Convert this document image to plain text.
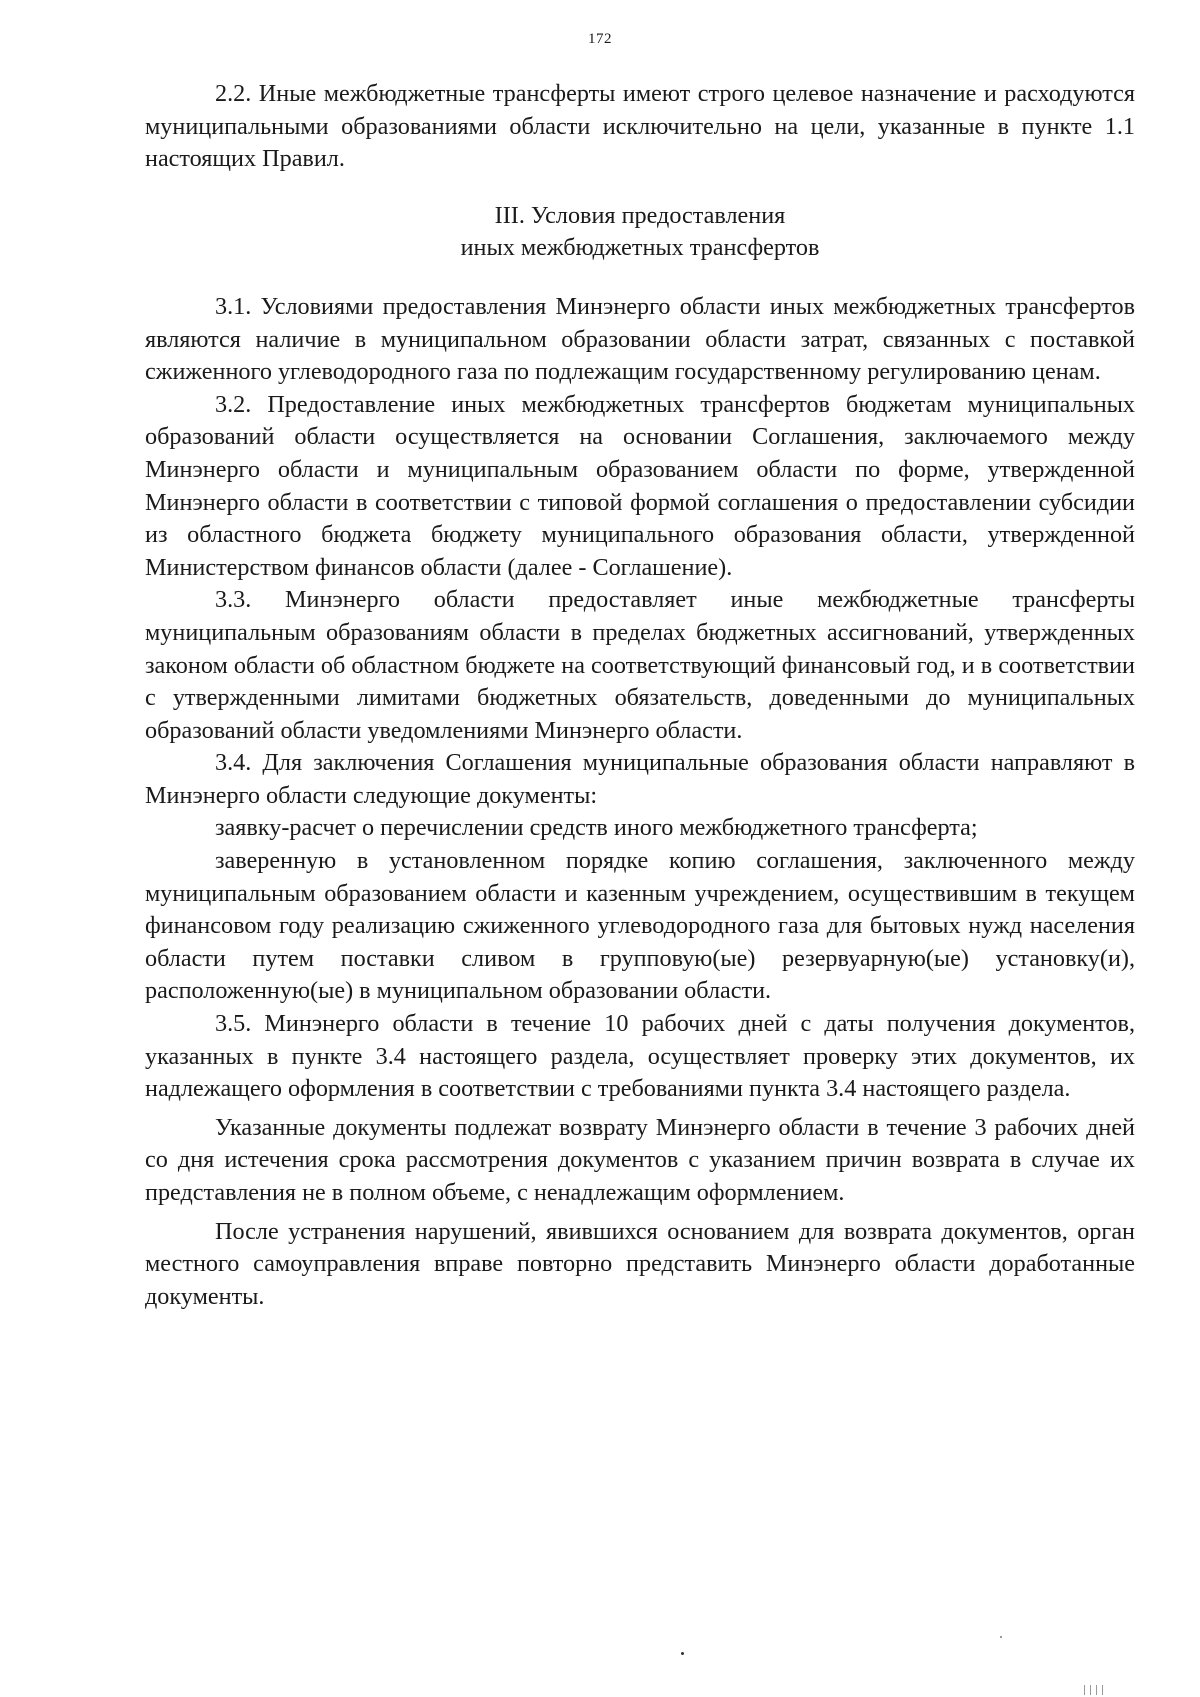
172

2.2. Иные межбюджетные трансферты имеют строго целевое назначение и расходуются муниципальными образованиями области исключительно на цели, указанные в пункте 1.1 настоящих Правил.

III. Условия предоставления
иных межбюджетных трансфертов

3.1. Условиями предоставления Минэнерго области иных межбюджетных трансфертов являются наличие в муниципальном образовании области затрат, связанных с поставкой сжиженного углеводородного газа по подлежащим государственному регулированию ценам.

3.2. Предоставление иных межбюджетных трансфертов бюджетам муниципальных образований области осуществляется на основании Соглашения, заключаемого между Минэнерго области и муниципальным образованием области по форме, утвержденной Минэнерго области в соответствии с типовой формой соглашения о предоставлении субсидии из областного бюджета бюджету муниципального образования области, утвержденной Министерством финансов области (далее - Соглашение).

3.3. Минэнерго области предоставляет иные межбюджетные трансферты муниципальным образованиям области в пределах бюджетных ассигнований, утвержденных законом области об областном бюджете на соответствующий финансовый год, и в соответствии с утвержденными лимитами бюджетных обязательств, доведенными до муниципальных образований области уведомлениями Минэнерго области.

3.4. Для заключения Соглашения муниципальные образования области направляют в Минэнерго области следующие документы:

заявку-расчет о перечислении средств иного межбюджетного трансферта;

заверенную в установленном порядке копию соглашения, заключенного между муниципальным образованием области и казенным учреждением, осуществившим в текущем финансовом году реализацию сжиженного углеводородного газа для бытовых нужд населения области путем поставки сливом в групповую(ые) резервуарную(ые) установку(и), расположенную(ые) в муниципальном образовании области.

3.5. Минэнерго области в течение 10 рабочих дней с даты получения документов, указанных в пункте 3.4 настоящего раздела, осуществляет проверку этих документов, их надлежащего оформления в соответствии с требованиями пункта 3.4 настоящего раздела.

Указанные документы подлежат возврату Минэнерго области в течение 3 рабочих дней со дня истечения срока рассмотрения документов с указанием причин возврата в случае их представления не в полном объеме, с ненадлежащим оформлением.

После устранения нарушений, явившихся основанием для возврата документов, орган местного самоуправления вправе повторно представить Минэнерго области доработанные документы.
